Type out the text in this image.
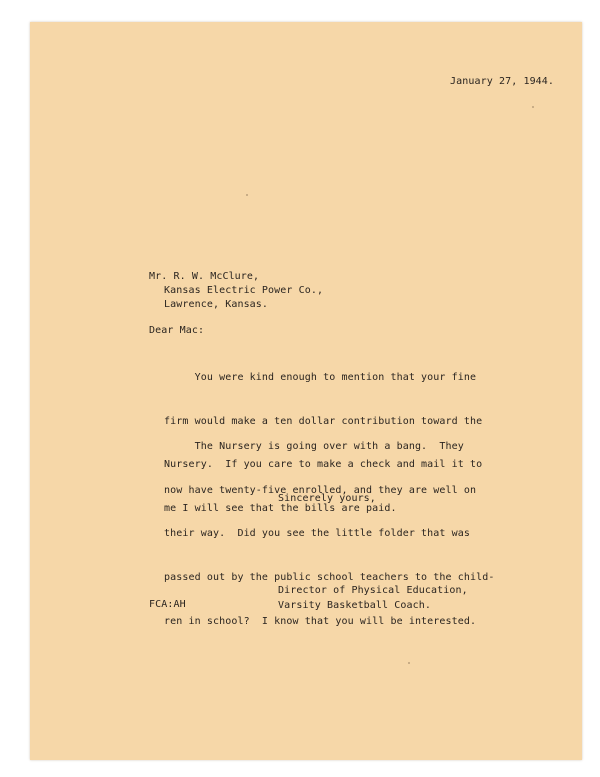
January 27, 1944.
Mr. R. W. McClure,
Kansas Electric Power Co.,
Lawrence, Kansas.
Dear Mac:

You were kind enough to mention that your fine

firm would make a ten dollar contribution toward the

Nursery.  If you care to make a check and mail it to

me I will see that the bills are paid.

The Nursery is going over with a bang.  They

now have twenty-five enrolled, and they are well on

their way.  Did you see the little folder that was

passed out by the public school teachers to the child-

ren in school?  I know that you will be interested.

Sincerely yours,
Director of Physical Education,
Varsity Basketball Coach.
FCA:AH
